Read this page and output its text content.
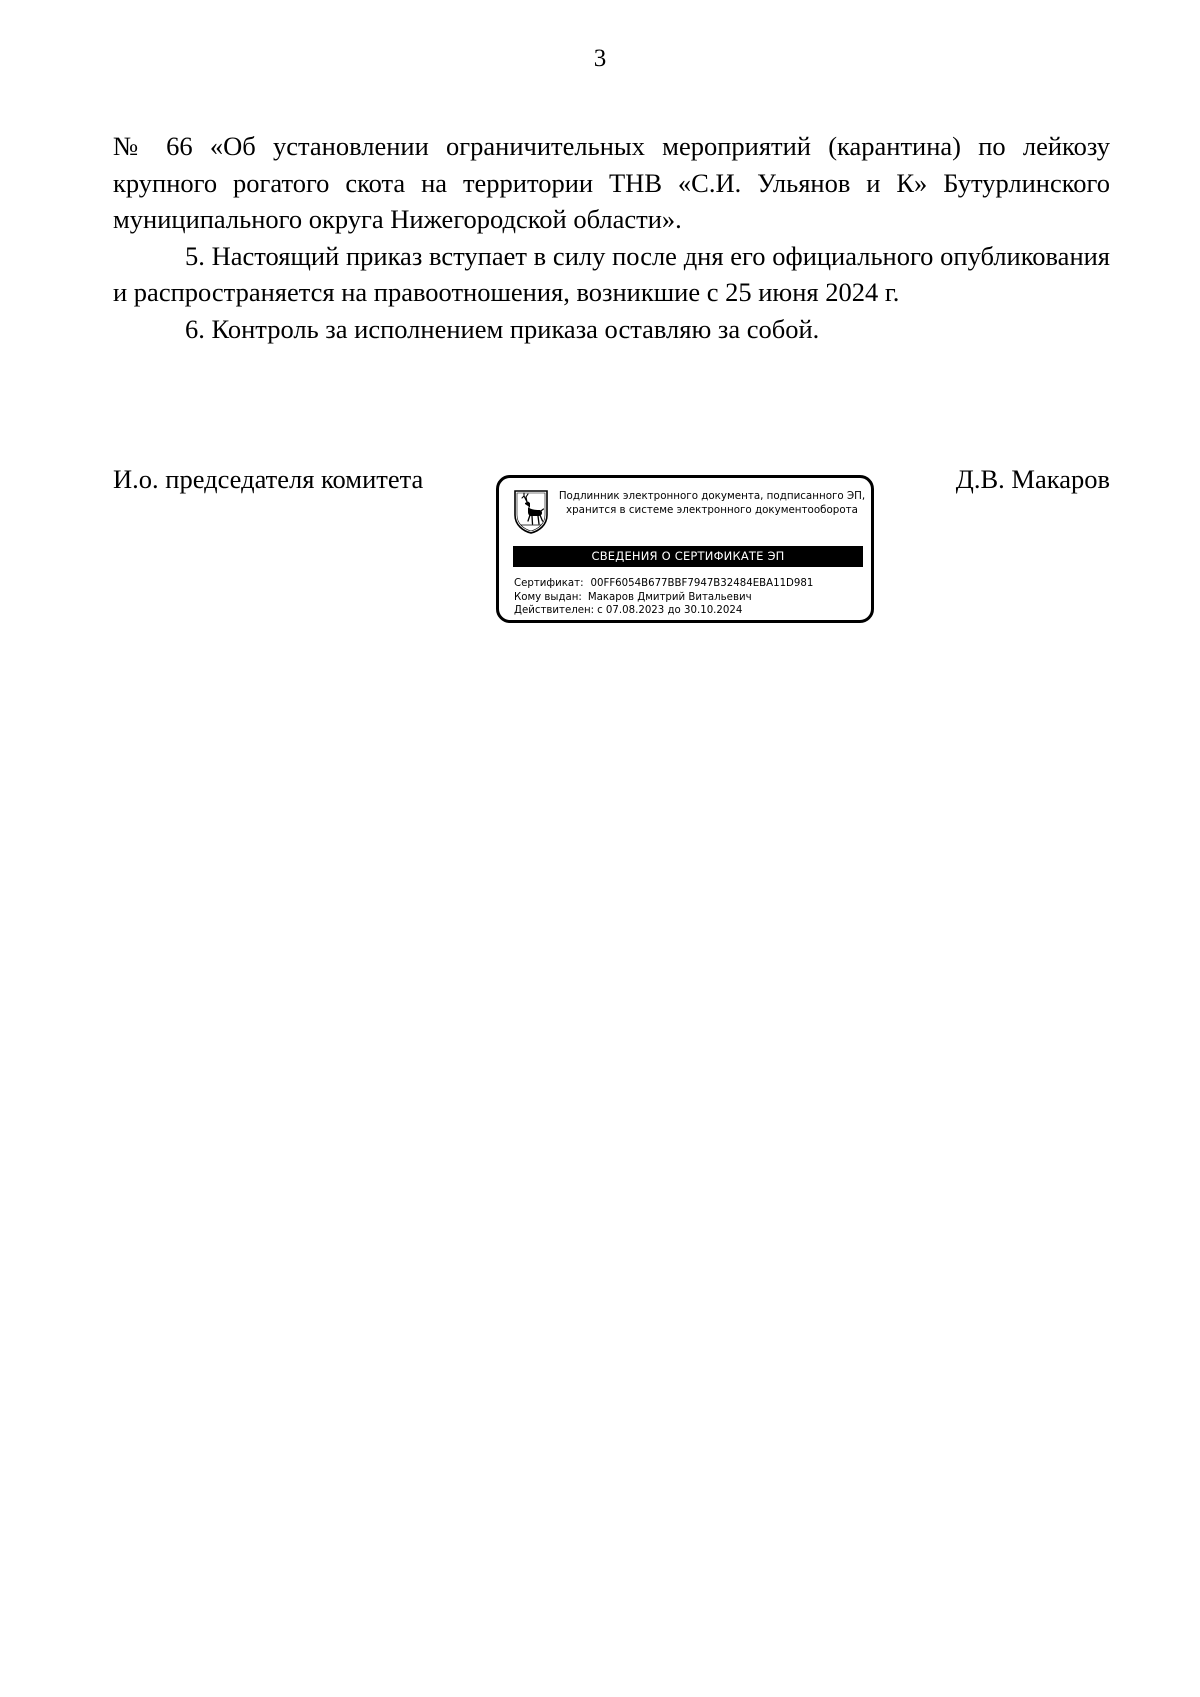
3

№ 66 «Об установлении ограничительных мероприятий (карантина) по лейкозу крупного рогатого скота на территории ТНВ «С.И. Ульянов и К» Бутурлинского муниципального округа Нижегородской области».

5. Настоящий приказ вступает в силу после дня его официального опубликования и распространяется на правоотношения, возникшие с 25 июня 2024 г.

6. Контроль за исполнением приказа оставляю за собой.

И.о. председателя комитета
Подлинник электронного документа, подписанного ЭП,
хранится в системе электронного документооборота
СВЕДЕНИЯ О СЕРТИФИКАТЕ ЭП
Сертификат: 00FF6054B677BBF7947B32484EBA11D981
Кому выдан: Макаров Дмитрий Витальевич
Действителен: с 07.08.2023 до 30.10.2024
Д.В. Макаров
